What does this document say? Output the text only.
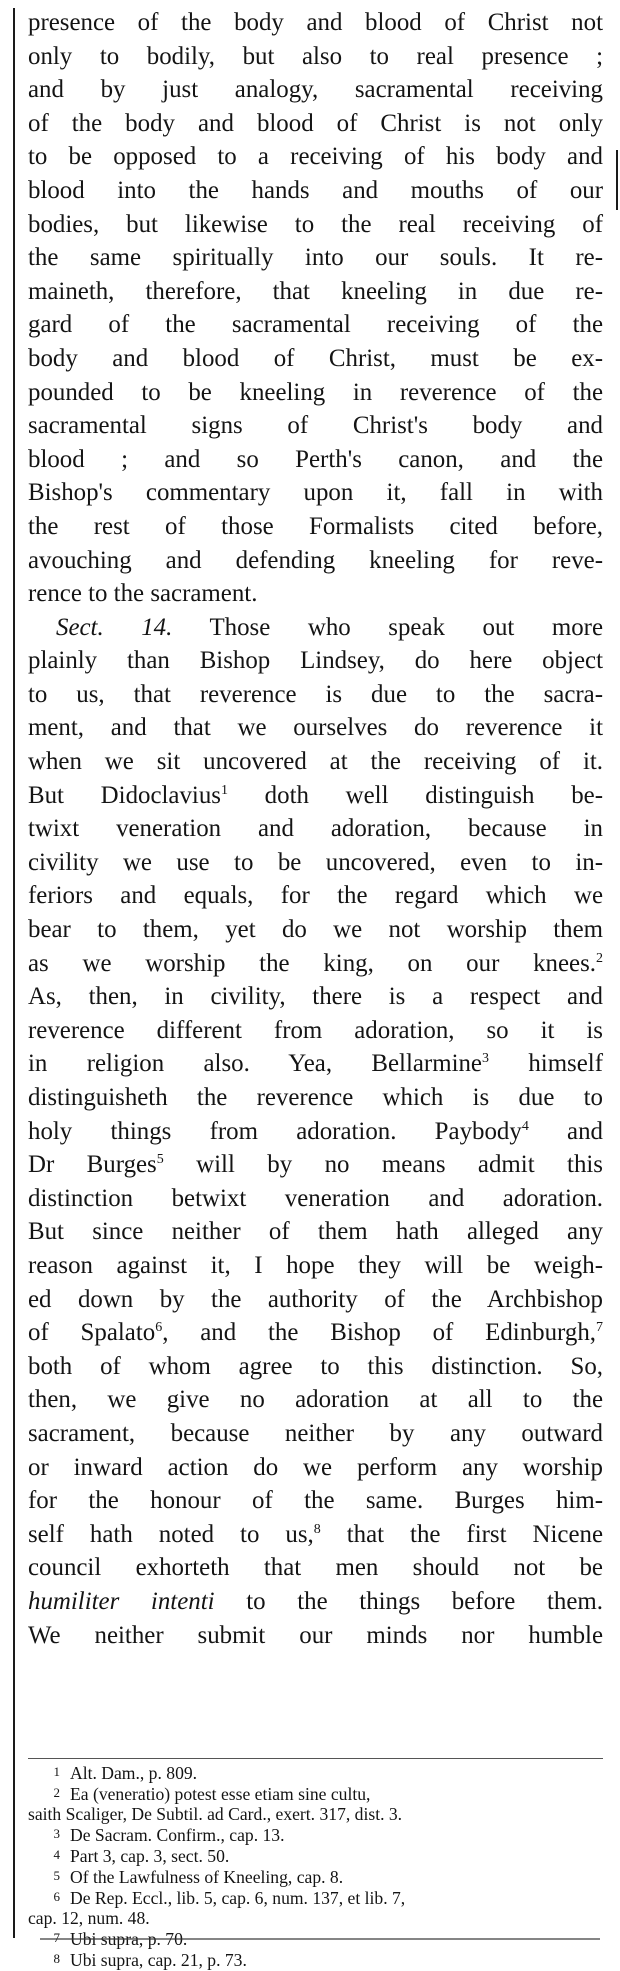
presence of the body and blood of Christ not
only to bodily, but also to real presence ;
and by just analogy, sacramental receiving
of the body and blood of Christ is not only
to be opposed to a receiving of his body and
blood into the hands and mouths of our
bodies, but likewise to the real receiving of
the same spiritually into our souls. It re-
maineth, therefore, that kneeling in due re-
gard of the sacramental receiving of the
body and blood of Christ, must be ex-
pounded to be kneeling in reverence of the
sacramental signs of Christ's body and
blood ; and so Perth's canon, and the
Bishop's commentary upon it, fall in with
the rest of those Formalists cited before,
avouching and defending kneeling for reve-
rence to the sacrament.
Sect. 14. Those who speak out more
plainly than Bishop Lindsey, do here object
to us, that reverence is due to the sacra-
ment, and that we ourselves do reverence it
when we sit uncovered at the receiving of it.
But Didoclavius$^1$ doth well distinguish be-
twixt veneration and adoration, because in
civility we use to be uncovered, even to in-
feriors and equals, for the regard which we
bear to them, yet do we not worship them
as we worship the king, on our knees.$^2$
As, then, in civility, there is a respect and
reverence different from adoration, so it is
in religion also. Yea, Bellarmine$^3$ himself
distinguisheth the reverence which is due to
holy things from adoration. Paybody$^4$ and
Dr Burges$^5$ will by no means admit this
distinction betwixt veneration and adoration.
But since neither of them hath alleged any
reason against it, I hope they will be weigh-
ed down by the authority of the Archbishop
of Spalato$^6$, and the Bishop of Edinburgh,$^7$
both of whom agree to this distinction. So,
then, we give no adoration at all to the
sacrament, because neither by any outward
or inward action do we perform any worship
for the honour of the same. Burges him-
self hath noted to us,$^8$ that the first Nicene
council exhorteth that men should not be
humiliter intenti to the things before them.
We neither submit our minds nor humble
1 Alt. Dam., p. 809.
2 Ea (veneratio) potest esse etiam sine cultu,
saith Scaliger, De Subtil. ad Card., exert. 317, dist. 3.
3 De Sacram. Confirm., cap. 13.
4 Part 3, cap. 3, sect. 50.
5 Of the Lawfulness of Kneeling, cap. 8.
6 De Rep. Eccl., lib. 5, cap. 6, num. 137, et lib. 7,
cap. 12, num. 48.
7 Ubi supra, p. 70.
8 Ubi supra, cap. 21, p. 73.
